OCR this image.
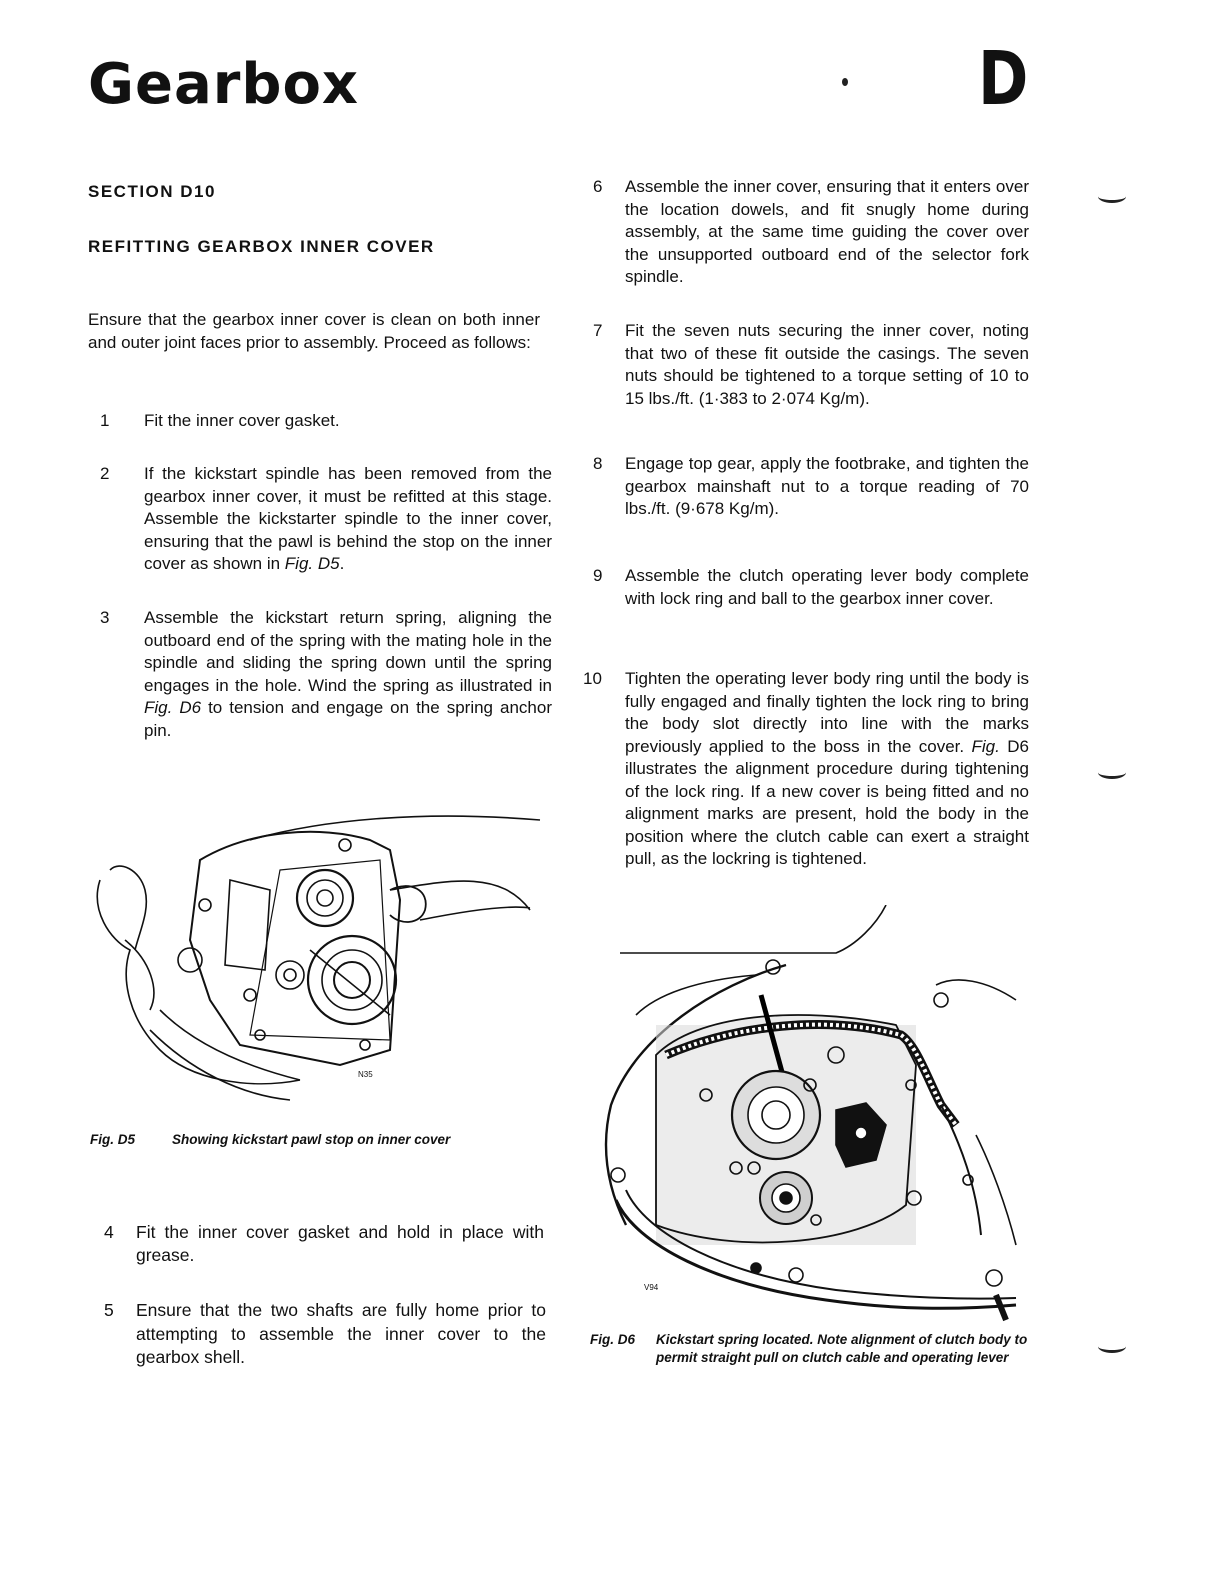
Gearbox	D
SECTION D10
REFITTING GEARBOX INNER COVER

Ensure that the gearbox inner cover is clean on both inner and outer joint faces prior to assembly. Proceed as follows:

1 Fit the inner cover gasket.
2 If the kickstart spindle has been removed from the gearbox inner cover, it must be refitted at this stage. Assemble the kickstarter spindle to the inner cover, ensuring that the pawl is behind the stop on the inner cover as shown in Fig. D5.
3 Assemble the kickstart return spring, aligning the outboard end of the spring with the mating hole in the spindle and sliding the spring down until the spring engages in the hole. Wind the spring as illustrated in Fig. D6 to tension and engage on the spring anchor pin.
N35
Fig. D5	Showing kickstart pawl stop on inner cover
4 Fit the inner cover gasket and hold in place with grease.
5 Ensure that the two shafts are fully home prior to attempting to assemble the inner cover to the gearbox shell.
6 Assemble the inner cover, ensuring that it enters over the location dowels, and fit snugly home during assembly, at the same time guiding the cover over the unsupported outboard end of the selector fork spindle.
7 Fit the seven nuts securing the inner cover, noting that two of these fit outside the casings. The seven nuts should be tightened to a torque setting of 10 to 15 lbs./ft. (1·383 to 2·074 Kg/m).
8 Engage top gear, apply the footbrake, and tighten the gearbox mainshaft nut to a torque reading of 70 lbs./ft. (9·678 Kg/m).
9 Assemble the clutch operating lever body complete with lock ring and ball to the gearbox inner cover.
10 Tighten the operating lever body ring until the body is fully engaged and finally tighten the lock ring to bring the body slot directly into line with the marks previously applied to the boss in the cover. Fig. D6 illustrates the alignment procedure during tightening of the lock ring. If a new cover is being fitted and no alignment marks are present, hold the body in the position where the clutch cable can exert a straight pull, as the lockring is tightened.
V94
Fig. D6 Kickstart spring located. Note alignment of clutch body to permit straight pull on clutch cable and operating lever
